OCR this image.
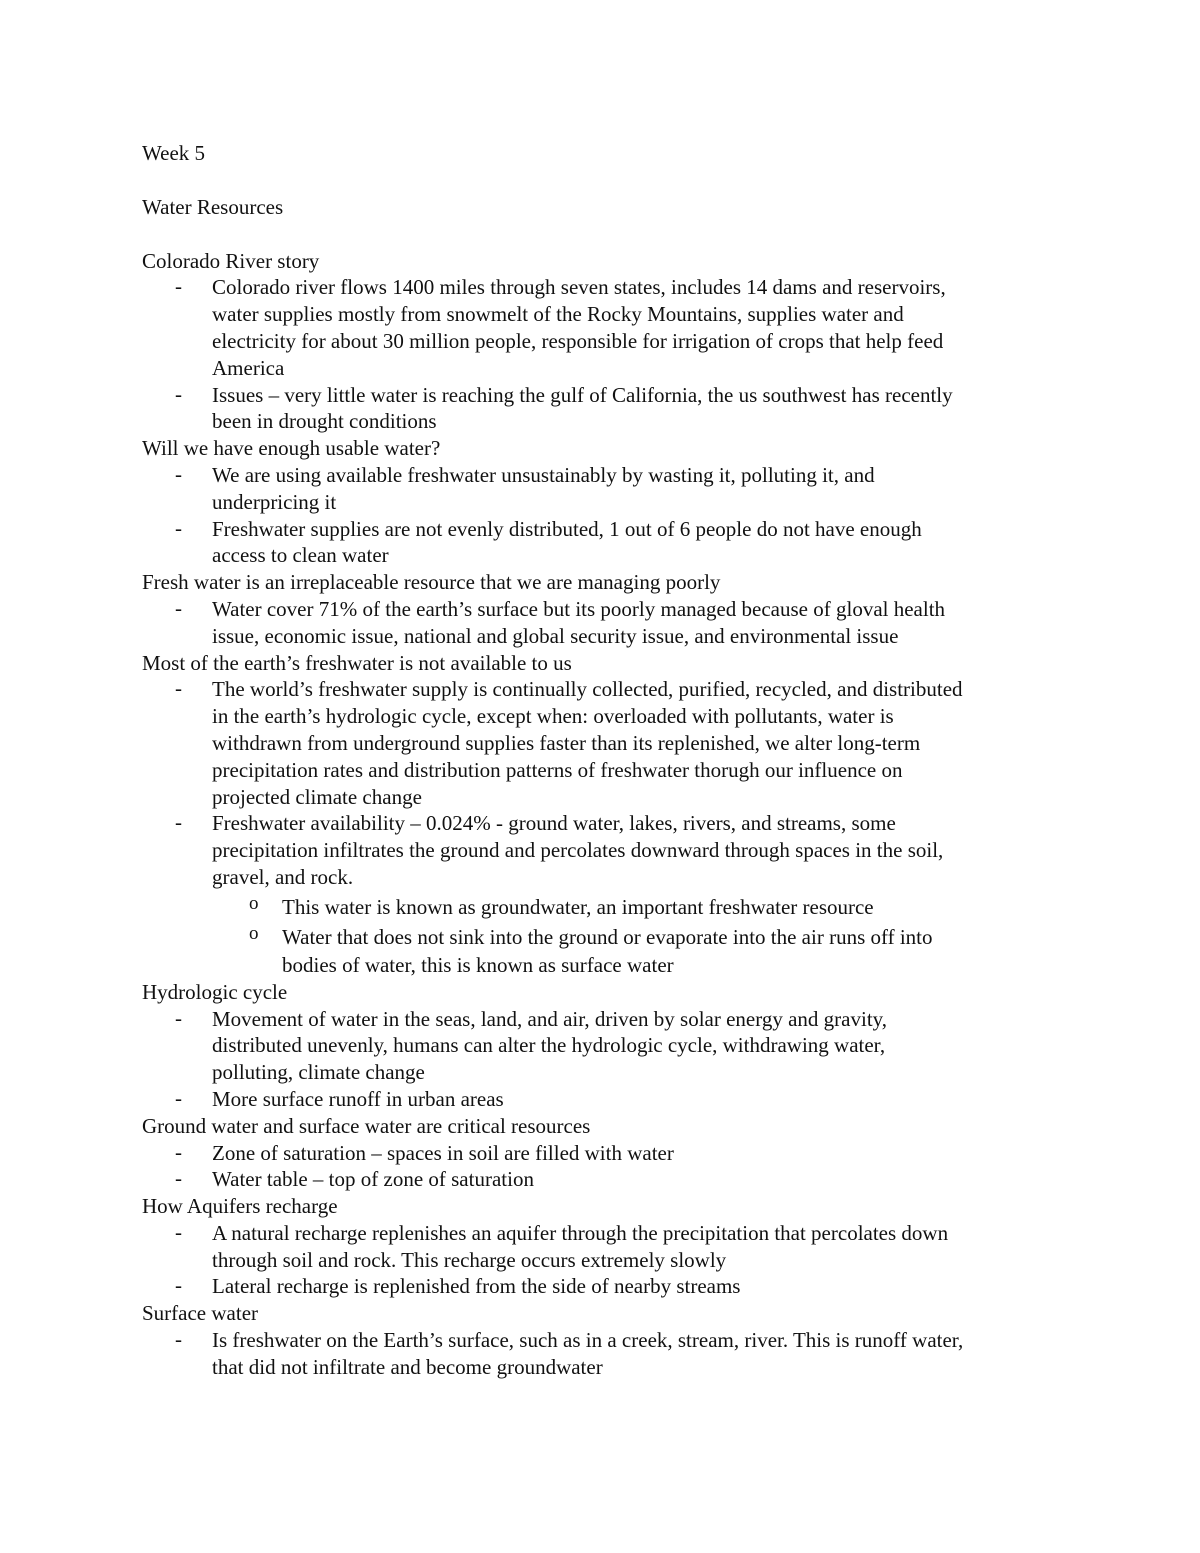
Week 5
Water Resources
Colorado River story
- Colorado river flows 1400 miles through seven states, includes 14 dams and reservoirs,
water supplies mostly from snowmelt of the Rocky Mountains, supplies water and
electricity for about 30 million people, responsible for irrigation of crops that help feed
America
- Issues – very little water is reaching the gulf of California, the us southwest has recently
been in drought conditions
Will we have enough usable water?
- We are using available freshwater unsustainably by wasting it, polluting it, and
underpricing it
- Freshwater supplies are not evenly distributed, 1 out of 6 people do not have enough
access to clean water
Fresh water is an irreplaceable resource that we are managing poorly
- Water cover 71% of the earth’s surface but its poorly managed because of gloval health
issue, economic issue, national and global security issue, and environmental issue
Most of the earth’s freshwater is not available to us
- The world’s freshwater supply is continually collected, purified, recycled, and distributed
in the earth’s hydrologic cycle, except when: overloaded with pollutants, water is
withdrawn from underground supplies faster than its replenished, we alter long-term
precipitation rates and distribution patterns of freshwater thorugh our influence on
projected climate change
- Freshwater availability – 0.024% - ground water, lakes, rivers, and streams, some
precipitation infiltrates the ground and percolates downward through spaces in the soil,
gravel, and rock.
o This water is known as groundwater, an important freshwater resource
o Water that does not sink into the ground or evaporate into the air runs off into
bodies of water, this is known as surface water
Hydrologic cycle
- Movement of water in the seas, land, and air, driven by solar energy and gravity,
distributed unevenly, humans can alter the hydrologic cycle, withdrawing water,
polluting, climate change
- More surface runoff in urban areas
Ground water and surface water are critical resources
- Zone of saturation – spaces in soil are filled with water
- Water table – top of zone of saturation
How Aquifers recharge
- A natural recharge replenishes an aquifer through the precipitation that percolates down
through soil and rock. This recharge occurs extremely slowly
- Lateral recharge is replenished from the side of nearby streams
Surface water
- Is freshwater on the Earth’s surface, such as in a creek, stream, river. This is runoff water,
that did not infiltrate and become groundwater
